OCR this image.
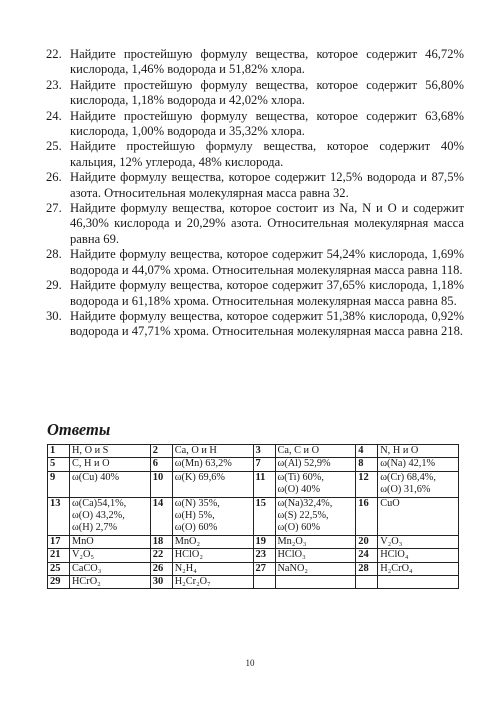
22. Найдите простейшую формулу вещества, которое содержит 46,72% кислорода, 1,46% водорода и 51,82% хлора.
23. Найдите простейшую формулу вещества, которое содержит 56,80% кислорода, 1,18% водорода и 42,02% хлора.
24. Найдите простейшую формулу вещества, которое содержит 63,68% кислорода, 1,00% водорода и 35,32% хлора.
25. Найдите простейшую формулу вещества, которое содержит 40% кальция, 12% углерода, 48% кислорода.
26. Найдите формулу вещества, которое содержит 12,5% водорода и 87,5% азота. Относительная молекулярная масса равна 32.
27. Найдите формулу вещества, которое состоит из Na, N и O и содержит 46,30% кислорода и 20,29% азота. Относительная молекулярная масса равна 69.
28. Найдите формулу вещества, которое содержит 54,24% кислорода, 1,69% водорода и 44,07% хрома. Относительная молекулярная масса равна 118.
29. Найдите формулу вещества, которое содержит 37,65% кислорода, 1,18% водорода и 61,18% хрома. Относительная молекулярная масса равна 85.
30. Найдите формулу вещества, которое содержит 51,38% кислорода, 0,92% водорода и 47,71% хрома. Относительная молекулярная масса равна 218.
Ответы
1	H, O и S	2	Ca, O и H	3	Ca, C и O	4	N, H и O

5	C, H и O	6	ω(Mn) 63,2%	7	ω(Al) 52,9%	8	ω(Na) 42,1%

9	ω(Cu) 40%	10	ω(K) 69,6%	11	ω(Ti) 60%,
ω(O) 40%	12	ω(Cr) 68,4%,
ω(O) 31,6%

13	ω(Ca)54,1%,
ω(O) 43,2%,
ω(H) 2,7%	14	ω(N) 35%,
ω(H) 5%,
ω(O) 60%	15	ω(Na)32,4%,
ω(S) 22,5%,
ω(O) 60%	16	CuO

17	MnO	18	MnO₂	19	Mn₂O₃	20	V₂O₃

21	V₂O₅	22	HClO₂	23	HClO₃	24	HClO₄

25	CaCO₃	26	N₂H₄	27	NaNO₂	28	H₂CrO₄

29	HCrO₂	30	H₂Cr₂O₇				

10
